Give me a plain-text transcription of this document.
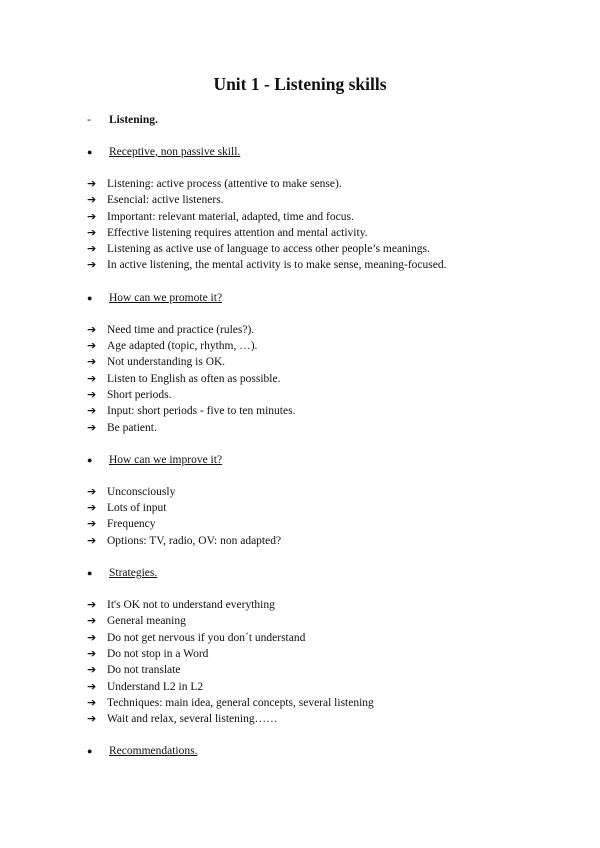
Unit 1 - Listening skills
-	Listening.
●	Receptive, non passive skill.
➔ Listening: active process (attentive to make sense).
➔ Esencial: active listeners.
➔ Important: relevant material, adapted, time and focus.
➔ Effective listening requires attention and mental activity.
➔ Listening as active use of language to access other people’s meanings.
➔ In active listening, the mental activity is to make sense, meaning-focused.
●	How can we promote it?
➔ Need time and practice (rules?).
➔ Age adapted (topic, rhythm, …).
➔ Not understanding is OK.
➔ Listen to English as often as possible.
➔ Short periods.
➔ Input: short periods - five to ten minutes.
➔ Be patient.
●	How can we improve it?
➔ Unconsciously
➔ Lots of input
➔ Frequency
➔ Options: TV, radio, OV: non adapted?
●	Strategies.
➔ It's OK not to understand everything
➔ General meaning
➔ Do not get nervous if you don´t understand
➔ Do not stop in a Word
➔ Do not translate
➔ Understand L2 in L2
➔ Techniques: main idea, general concepts, several listening
➔ Wait and relax, several listening……
●	Recommendations.
